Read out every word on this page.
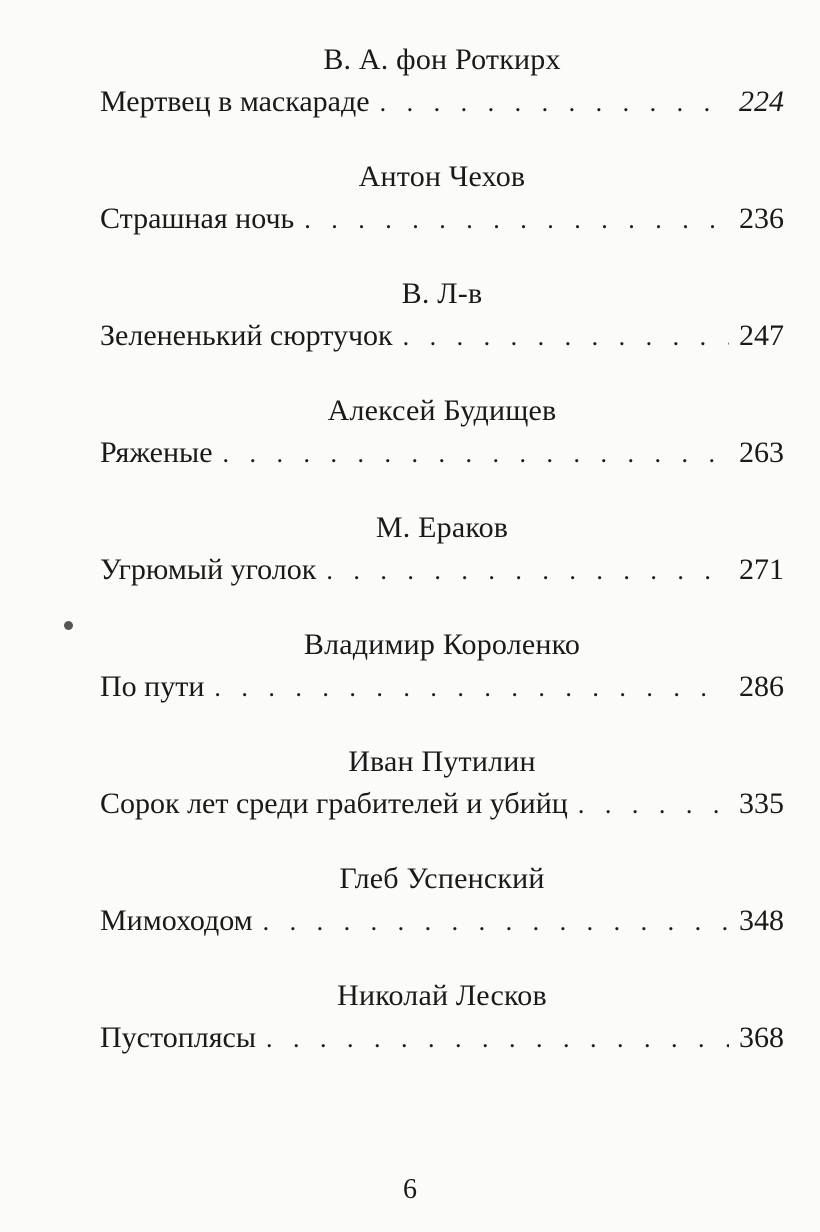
В. А. фон Роткирх
Мертвец в маскараде . . .	224
Антон Чехов
Страшная ночь . . .	236
В. Л-в
Зелененький сюртучок . . .	247
Алексей Будищев
Ряженые . . .	263
М. Ераков
Угрюмый уголок . . .	271
Владимир Короленко
По пути . . .	286
Иван Путилин
Сорок лет среди грабителей и убийц . . .	335
Глеб Успенский
Мимоходом . . .	348
Николай Лесков
Пустоплясы . . .	368
6
